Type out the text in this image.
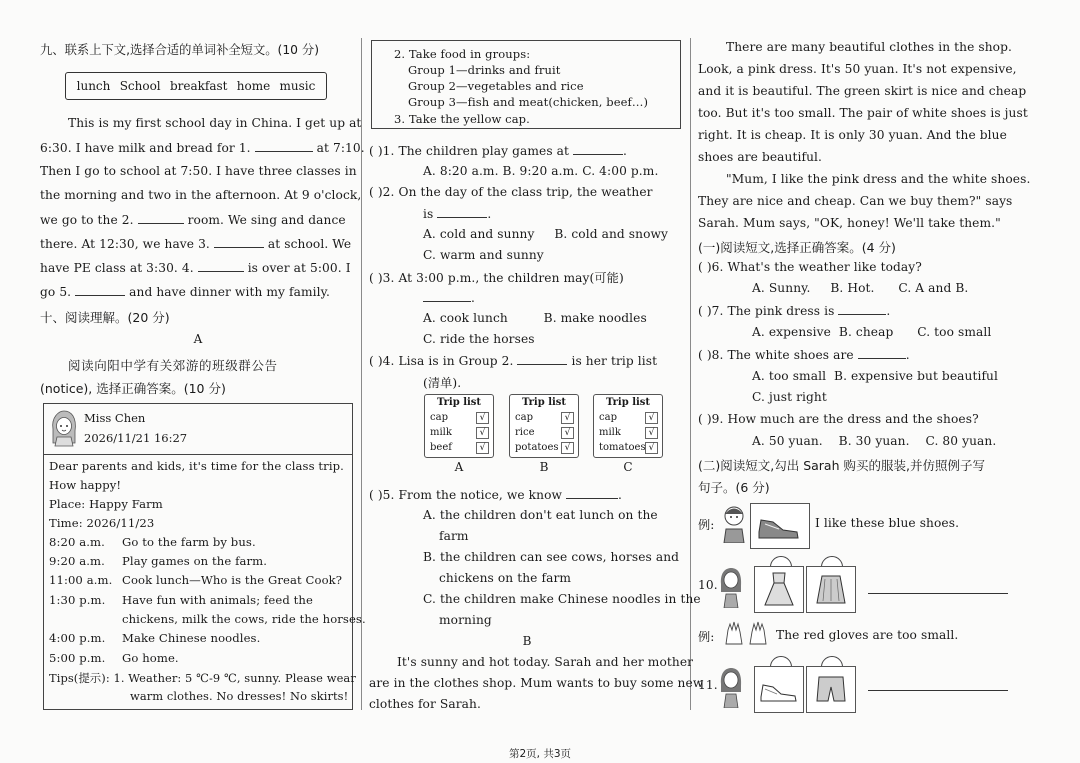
九、联系上下文,选择合适的单词补全短文。(10 分)
lunch School breakfast home music
This is my first school day in China. I get up at
6:30. I have milk and bread for 1.	at 7:10.
Then I go to school at 7:50. I have three classes in
the morning and two in the afternoon. At 9 o'clock,
we go to the 2.	room. We sing and dance
there. At 12:30, we have 3.	at school. We
have PE class at 3:30. 4.	is over at 5:00. I
go 5.	and have dinner with my family.
十、阅读理解。(20 分)
A
阅读向阳中学有关郊游的班级群公告
(notice), 选择正确答案。(10 分)
Miss Chen
2026/11/21 16:27
Dear parents and kids, it's time for the class trip.
How happy!
Place: Happy Farm
Time: 2026/11/23
8:20 a.m. Go to the farm by bus.
9:20 a.m. Play games on the farm.
11:00 a.m. Cook lunch—Who is the Great Cook?
1:30 p.m. Have fun with animals; feed the
chickens, milk the cows, ride the horses.
4:00 p.m. Make Chinese noodles.
5:00 p.m. Go home.
Tips(提示): 1. Weather: 5 ℃-9 ℃, sunny. Please wear
warm clothes. No dresses! No skirts!
2. Take food in groups:
Group 1—drinks and fruit
Group 2—vegetables and rice
Group 3—fish and meat(chicken, beef…)
3. Take the yellow cap.
( )1. The children play games at	.
A. 8:20 a.m. B. 9:20 a.m. C. 4:00 p.m.
( )2. On the day of the class trip, the weather
is	.
A. cold and sunny     B. cold and snowy
C. warm and sunny
( )3. At 3:00 p.m., the children may(可能)
.
A. cook lunch         B. make noodles
C. ride the horses
( )4. Lisa is in Group 2.	is her trip list
(清单).
Trip list
cap	√
milk	√
beef	√
A
Trip list
cap	√
rice	√
potatoes √
B
Trip list
cap	√
milk	√
tomatoes √
C
( )5. From the notice, we know	.
A. the children don't eat lunch on the
farm
B. the children can see cows, horses and
chickens on the farm
C. the children make Chinese noodles in the
morning
B
It's sunny and hot today. Sarah and her mother
are in the clothes shop. Mum wants to buy some new
clothes for Sarah.
There are many beautiful clothes in the shop.
Look, a pink dress. It's 50 yuan. It's not expensive,
and it is beautiful. The green skirt is nice and cheap
too. But it's too small. The pair of white shoes is just
right. It is cheap. It is only 30 yuan. And the blue
shoes are beautiful.
"Mum, I like the pink dress and the white shoes.
They are nice and cheap. Can we buy them?" says
Sarah. Mum says, "OK, honey! We'll take them."
(一)阅读短文,选择正确答案。(4 分)
( )6. What's the weather like today?
A. Sunny.     B. Hot.      C. A and B.
( )7. The pink dress is	.
A. expensive  B. cheap      C. too small
( )8. The white shoes are	.
A. too small  B. expensive but beautiful
C. just right
( )9. How much are the dress and the shoes?
A. 50 yuan.    B. 30 yuan.    C. 80 yuan.
(二)阅读短文,勾出 Sarah 购买的服装,并仿照例子写
句子。(6 分)
例:	I like these blue shoes.
10.
例:	The red gloves are too small.
11.
第2页, 共3页
